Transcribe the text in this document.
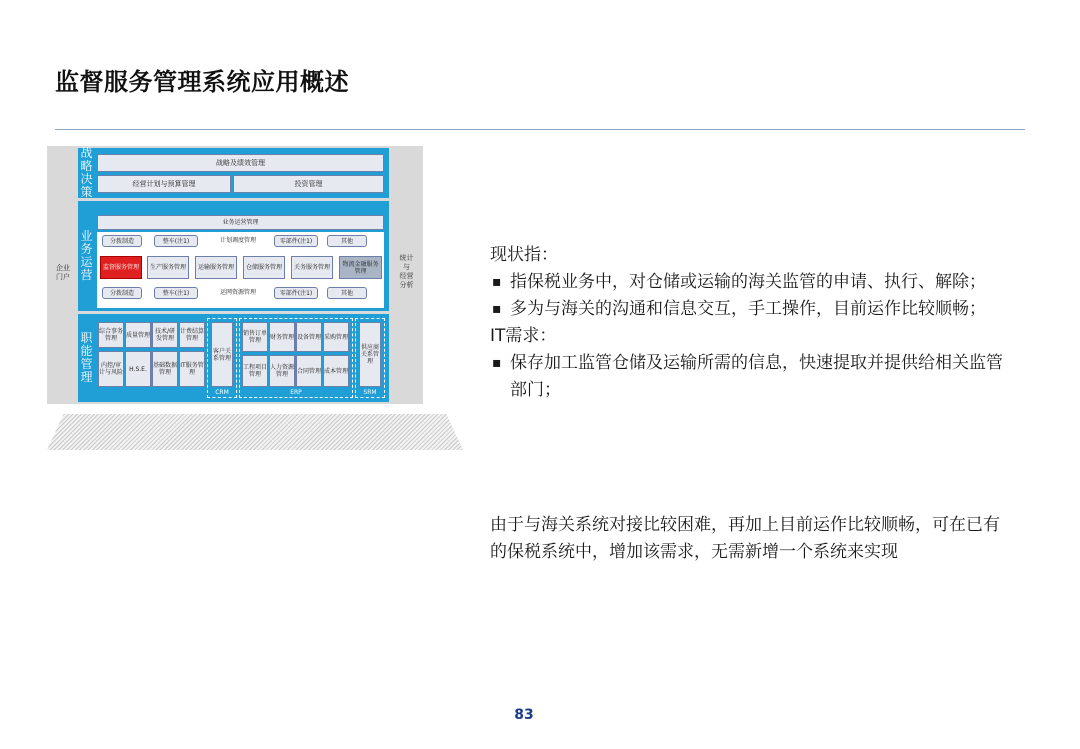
监督服务管理系统应用概述
企业
门户
统计
与
经营
分析
战略决策
战略及绩效管理
经营计划与预算管理	投资管理
业务运营
业务运营管理
分拨制造	整车(注1)	计划调度管理	零部件(注1)	其他
监督服务管理	生产服务管理	运输服务管理	仓储服务管理	关务服务管理	物流金融服务管理
分拨制造	整车(注1)	运网资源管理	零部件(注1)	其他
职能管理
综合事务管理	质量管理 技术/研发管理
计费结算管理
内控/审计与风险	H.S.E.	基础数据管理
IT服务管理
客户关系管理
CRM
销售订单管理	财务管理 设备管理 采购管理
工程项目管理
人力资源管理	合同管理 成本管理
ERP
供应商关系管理
SRM

现状指：

▪ 指保税业务中，对仓储或运输的海关监管的申请、执行、解除；
▪ 多为与海关的沟通和信息交互，手工操作，目前运作比较顺畅；

IT需求：

▪ 保存加工监管仓储及运输所需的信息，快速提取并提供给相关监管部门；
由于与海关系统对接比较困难，再加上目前运作比较顺畅，可在已有的保税系统中，增加该需求，无需新增一个系统来实现
83
